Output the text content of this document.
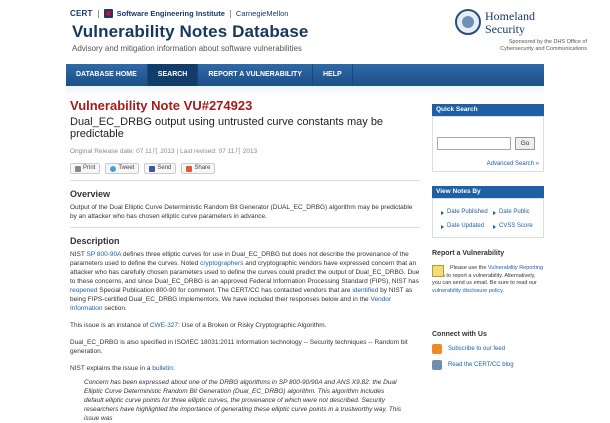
CERT	Software Engineering Institute CarnegieMellon
Vulnerability Notes Database
Advisory and mitigation information about software vulnerabilities
Homeland
Security
Sponsored by the DHS Office of Cybersecurity and Communications
DATABASE HOME	SEARCH	REPORT A VULNERABILITY	HELP
Vulnerability Note VU#274923
Dual_EC_DRBG output using untrusted curve constants may be predictable
Original Release date: 07 11月 2013 | Last revised: 07 11月 2013
Print	Tweet	Send	Share
Overview
Output of the Dual Elliptic Curve Deterministic Random Bit Generator (DUAL_EC_DRBG) algorithm may be predictable by an attacker who has chosen elliptic curve parameters in advance.
Description
NIST SP 800-90A defines three elliptic curves for use in Dual_EC_DRBG but does not describe the provenance of the parameters used to define the curves. Noted cryptographers and cryptographic vendors have expressed concern that an attacker who has carefully chosen parameters used to define the curves could predict the output of Dual_EC_DRBG. Due to these concerns, and since Dual_EC_DRBG is an approved Federal Information Processing Standard (FIPS), NIST has reopened Special Publication 800-90 for comment. The CERT/CC has contacted vendors that are identified by NIST as being FIPS-certified Dual_EC_DRBG implementors. We have included their responses below and in the Vendor Information section.
This issue is an instance of CWE-327: Use of a Broken or Risky Cryptographic Algorithm.
Dual_EC_DRBG is also specified in ISO/IEC 18031:2011 Information technology -- Security techniques -- Random bit generation.
NIST explains the issue in a bulletin:
Concern has been expressed about one of the DRBG algorithms in SP 800-90/90A and ANS X9.82: the Dual Elliptic Curve Deterministic Random Bit Generation (Dual_EC_DRBG) algorithm. This algorithm includes default elliptic curve points for three elliptic curves, the provenance of which were not described. Security researchers have highlighted the importance of generating these elliptic curve points in a trustworthy way. This issue was
Quick Search
Go
Advanced Search »
View Notes By
Date Published Date Public
Date Updated CVSS Score
Report a Vulnerability
Please use the Vulnerability Reporting to report a vulnerability. Alternatively, you can send us email. Be sure to read our vulnerability disclosure policy.
Connect with Us
Subscribe to our feed
Read the CERT/CC blog
